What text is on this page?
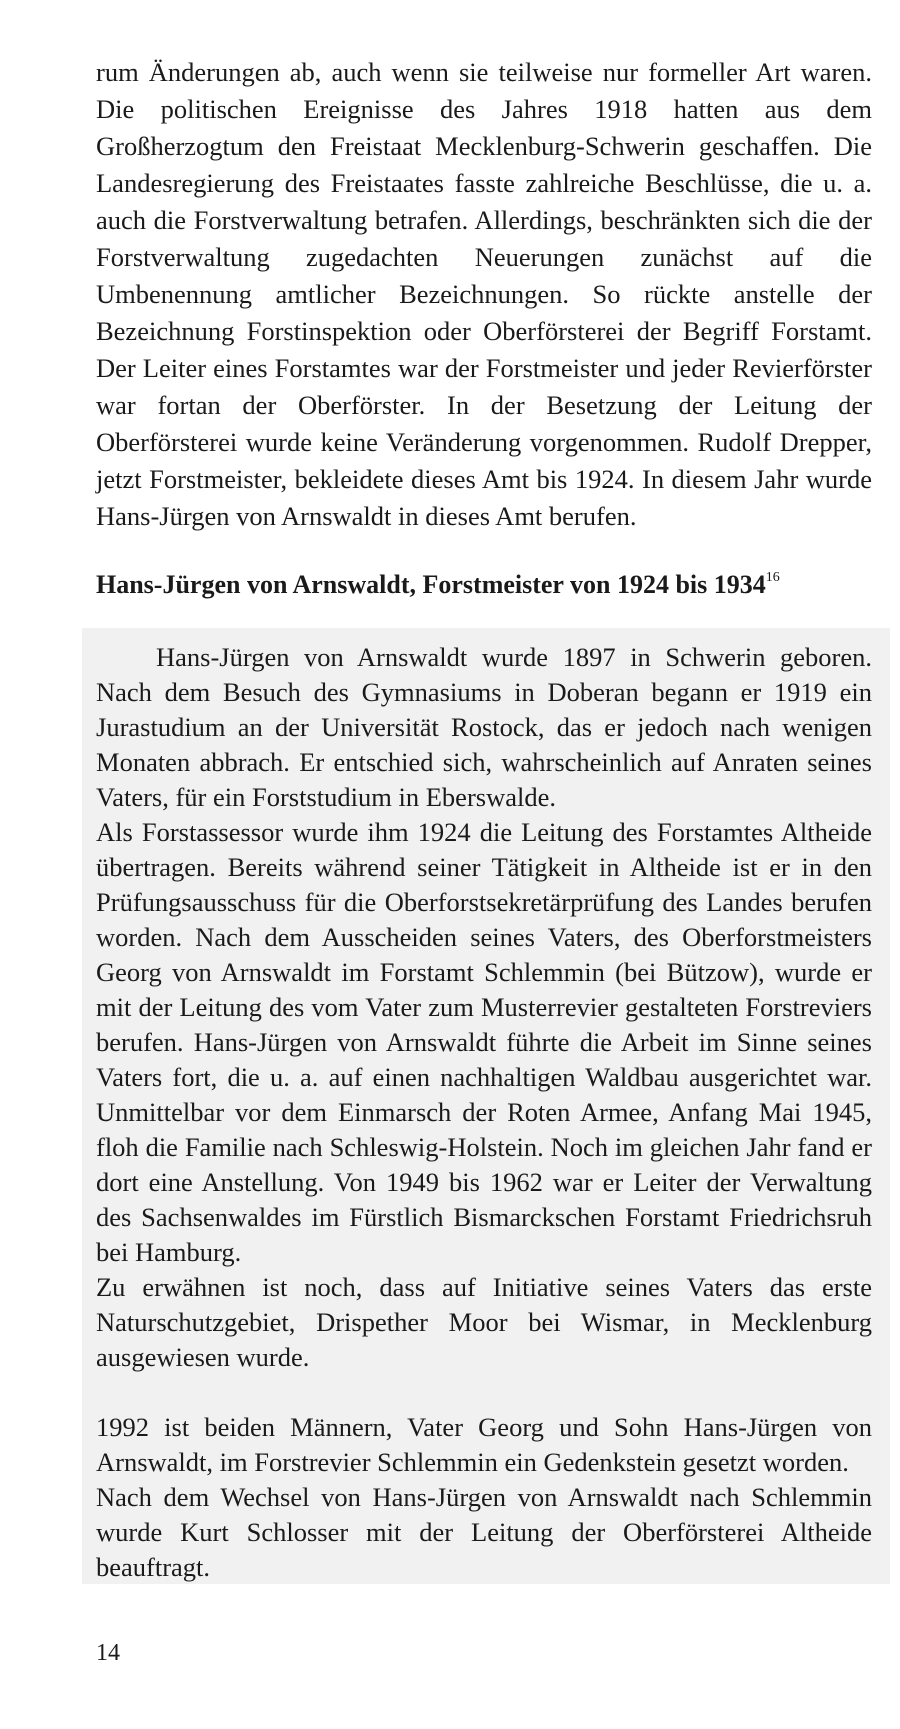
rum Änderungen ab, auch wenn sie teilweise nur formeller Art waren. Die politischen Ereignisse des Jahres 1918 hatten aus dem Großherzogtum den Freistaat Mecklenburg-Schwerin geschaffen. Die Landesregierung des Freistaates fasste zahlreiche Beschlüsse, die u. a. auch die Forstverwaltung betrafen. Allerdings, beschränkten sich die der Forstverwaltung zugedachten Neuerungen zunächst auf die Umbenennung amtlicher Bezeichnungen. So rückte anstelle der Bezeichnung Forstinspektion oder Oberförsterei der Begriff Forstamt. Der Leiter eines Forstamtes war der Forstmeister und jeder Revierförster war fortan der Oberförster. In der Besetzung der Leitung der Oberförsterei wurde keine Veränderung vorgenommen. Rudolf Drepper, jetzt Forstmeister, bekleidete dieses Amt bis 1924. In diesem Jahr wurde Hans-Jürgen von Arnswaldt in dieses Amt berufen.

Hans-Jürgen von Arnswaldt, Forstmeister von 1924 bis 1934$^{16}$

Hans-Jürgen von Arnswaldt wurde 1897 in Schwerin geboren. Nach dem Besuch des Gymnasiums in Doberan begann er 1919 ein Jurastudium an der Universität Rostock, das er jedoch nach wenigen Monaten abbrach. Er entschied sich, wahrscheinlich auf Anraten seines Vaters, für ein Forststudium in Eberswalde.

Als Forstassessor wurde ihm 1924 die Leitung des Forstamtes Altheide übertragen. Bereits während seiner Tätigkeit in Altheide ist er in den Prüfungsausschuss für die Oberforstsekretärprüfung des Landes berufen worden. Nach dem Ausscheiden seines Vaters, des Oberforstmeisters Georg von Arnswaldt im Forstamt Schlemmin (bei Bützow), wurde er mit der Leitung des vom Vater zum Musterrevier gestalteten Forstreviers berufen. Hans-Jürgen von Arnswaldt führte die Arbeit im Sinne seines Vaters fort, die u. a. auf einen nachhaltigen Waldbau ausgerichtet war. Unmittelbar vor dem Einmarsch der Roten Armee, Anfang Mai 1945, floh die Familie nach Schleswig-Holstein. Noch im gleichen Jahr fand er dort eine Anstellung. Von 1949 bis 1962 war er Leiter der Verwaltung des Sachsenwaldes im Fürstlich Bismarckschen Forstamt Friedrichsruh bei Hamburg.

Zu erwähnen ist noch, dass auf Initiative seines Vaters das erste Naturschutzgebiet, Drispether Moor bei Wismar, in Mecklenburg ausgewiesen wurde.

1992 ist beiden Männern, Vater Georg und Sohn Hans-Jürgen von Arnswaldt, im Forstrevier Schlemmin ein Gedenkstein gesetzt worden.

Nach dem Wechsel von Hans-Jürgen von Arnswaldt nach Schlemmin wurde Kurt Schlosser mit der Leitung der Oberförsterei Altheide beauftragt.

14
